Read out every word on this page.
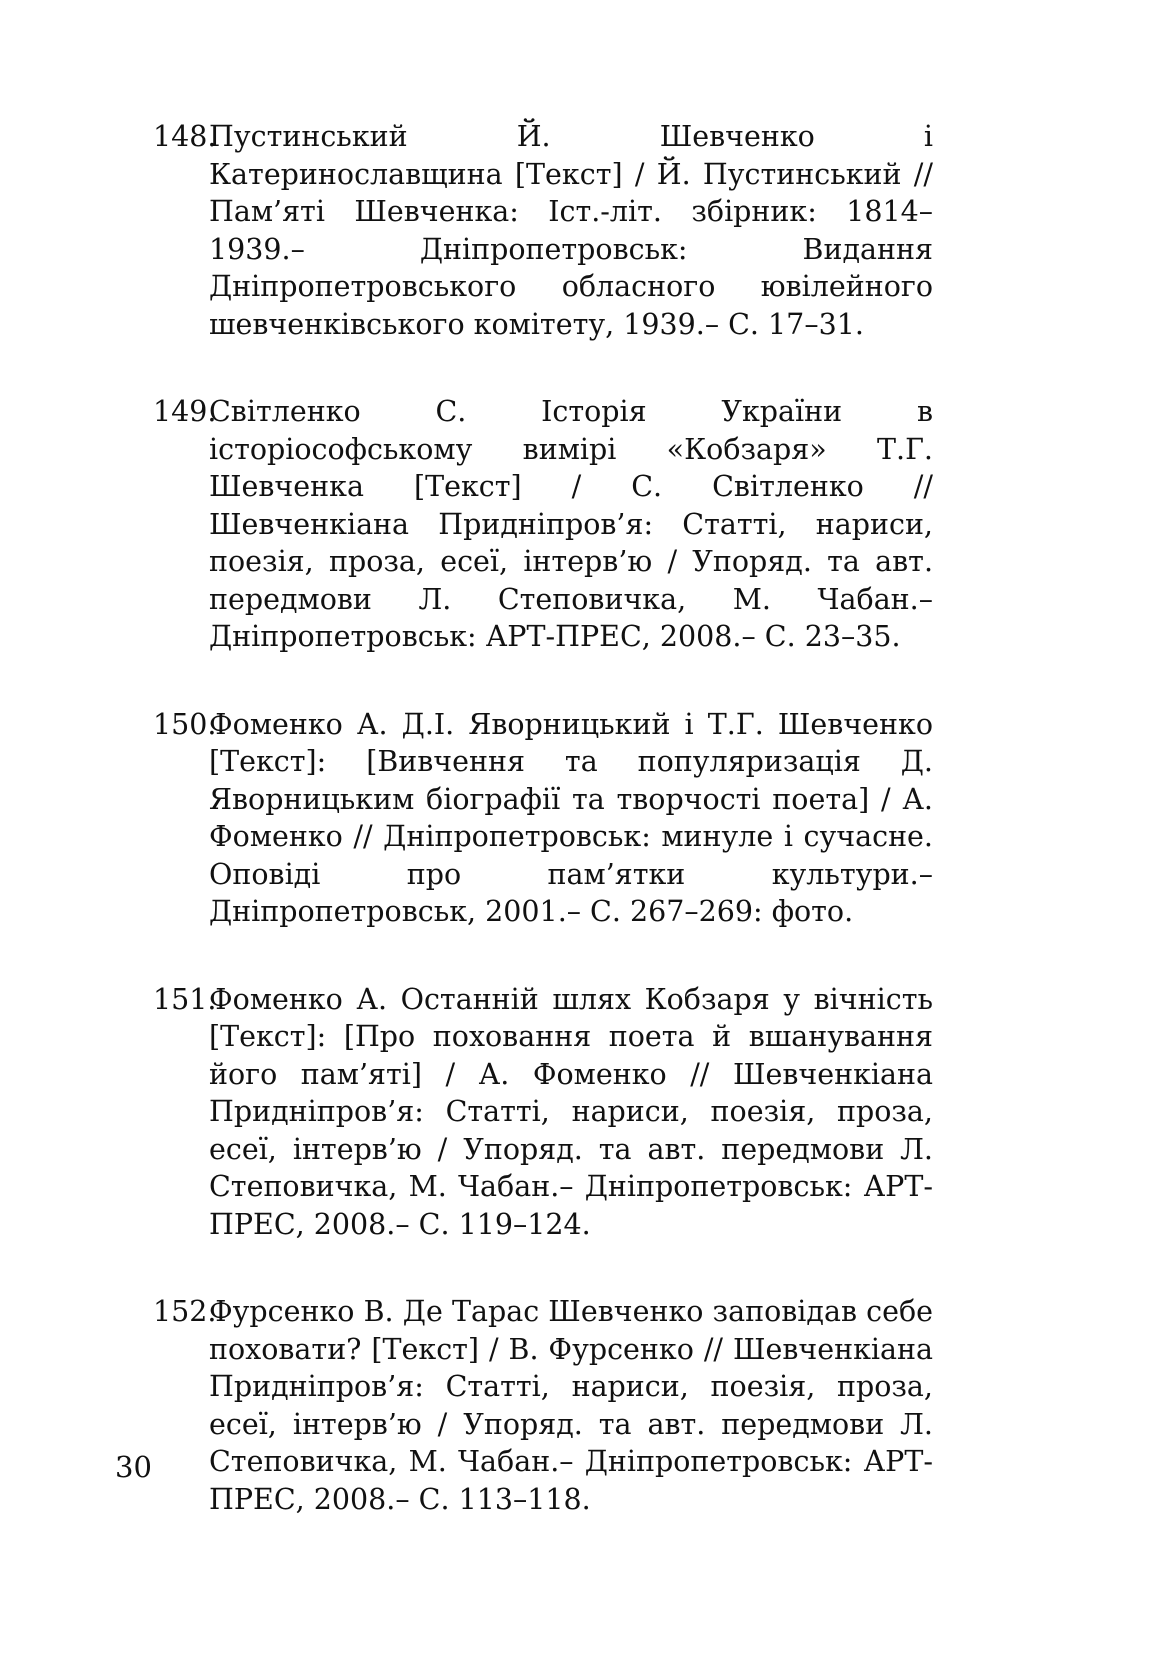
148.
Пустинський Й. Шевченко і Катеринославщина [Текст] / Й. Пустинський // Пам’яті Шевченка: Іст.-літ. збірник: 1814–1939.– Дніпропетровськ: Видання Дніпропетровського обласного ювілейного шевченківського комітету, 1939.– С. 17–31.
149.
Світленко С. Історія України в історіософському вимірі «Кобзаря» Т.Г. Шевченка [Текст] / С. Світленко // Шевченкіана Придніпров’я: Статті, нариси, поезія, проза, есеї, інтерв’ю / Упоряд. та авт. передмови Л. Степовичка, М. Чабан.– Дніпропетровськ: АРТ-ПРЕС, 2008.– С. 23–35.
150.
Фоменко А. Д.І. Яворницький і Т.Г. Шевченко [Текст]: [Вивчення та популяризація Д. Яворницьким біографії та творчості поета] / А. Фоменко // Дніпропетровськ: минуле і сучасне. Оповіді про пам’ятки культури.– Дніпропетровськ, 2001.– С. 267–269: фото.
151.
Фоменко А. Останній шлях Кобзаря у вічність [Текст]: [Про поховання поета й вшанування його пам’яті] / А. Фоменко // Шевченкіана Придніпров’я: Статті, нариси, поезія, проза, есеї, інтерв’ю / Упоряд. та авт. передмови Л. Степовичка, М. Чабан.– Дніпропетровськ: АРТ-ПРЕС, 2008.– С. 119–124.
152.
Фурсенко В. Де Тарас Шевченко заповідав себе поховати? [Текст] / В. Фурсенко // Шевченкіана Придніпров’я: Статті, нариси, поезія, проза, есеї, інтерв’ю / Упоряд. та авт. передмови Л. Степовичка, М. Чабан.– Дніпропетровськ: АРТ-ПРЕС, 2008.– С. 113–118.
30
